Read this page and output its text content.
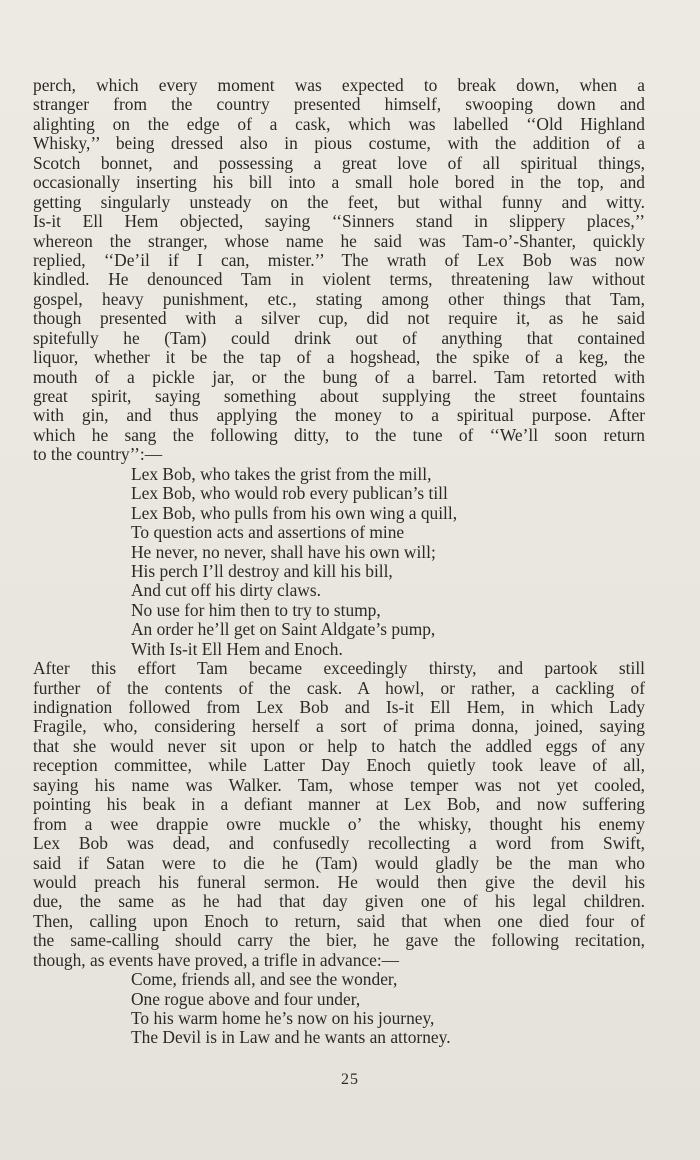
perch, which every moment was expected to break down, when a
stranger from the country presented himself, swooping down and
alighting on the edge of a cask, which was labelled ‘‘Old Highland
Whisky,’’ being dressed also in pious costume, with the addition of a
Scotch bonnet, and possessing a great love of all spiritual things,
occasionally inserting his bill into a small hole bored in the top, and
getting singularly unsteady on the feet, but withal funny and witty.
Is-it Ell Hem objected, saying ‘‘Sinners stand in slippery places,’’
whereon the stranger, whose name he said was Tam-o’-Shanter, quickly
replied, ‘‘De’il if I can, mister.’’ The wrath of Lex Bob was now
kindled. He denounced Tam in violent terms, threatening law without
gospel, heavy punishment, etc., stating among other things that Tam,
though presented with a silver cup, did not require it, as he said
spitefully he (Tam) could drink out of anything that contained
liquor, whether it be the tap of a hogshead, the spike of a keg, the
mouth of a pickle jar, or the bung of a barrel. Tam retorted with
great spirit, saying something about supplying the street fountains
with gin, and thus applying the money to a spiritual purpose. After
which he sang the following ditty, to the tune of ‘‘We’ll soon return
to the country’’:—
Lex Bob, who takes the grist from the mill,
Lex Bob, who would rob every publican’s till
Lex Bob, who pulls from his own wing a quill,
To question acts and assertions of mine
He never, no never, shall have his own will;
His perch I’ll destroy and kill his bill,
And cut off his dirty claws.
No use for him then to try to stump,
An order he’ll get on Saint Aldgate’s pump,
With Is-it Ell Hem and Enoch.
After this effort Tam became exceedingly thirsty, and partook still
further of the contents of the cask. A howl, or rather, a cackling of
indignation followed from Lex Bob and Is-it Ell Hem, in which Lady
Fragile, who, considering herself a sort of prima donna, joined, saying
that she would never sit upon or help to hatch the addled eggs of any
reception committee, while Latter Day Enoch quietly took leave of all,
saying his name was Walker. Tam, whose temper was not yet cooled,
pointing his beak in a defiant manner at Lex Bob, and now suffering
from a wee drappie owre muckle o’ the whisky, thought his enemy
Lex Bob was dead, and confusedly recollecting a word from Swift,
said if Satan were to die he (Tam) would gladly be the man who
would preach his funeral sermon. He would then give the devil his
due, the same as he had that day given one of his legal children.
Then, calling upon Enoch to return, said that when one died four of
the same-calling should carry the bier, he gave the following recitation,
though, as events have proved, a trifle in advance:—
Come, friends all, and see the wonder,
One rogue above and four under,
To his warm home he’s now on his journey,
The Devil is in Law and he wants an attorney.
25
